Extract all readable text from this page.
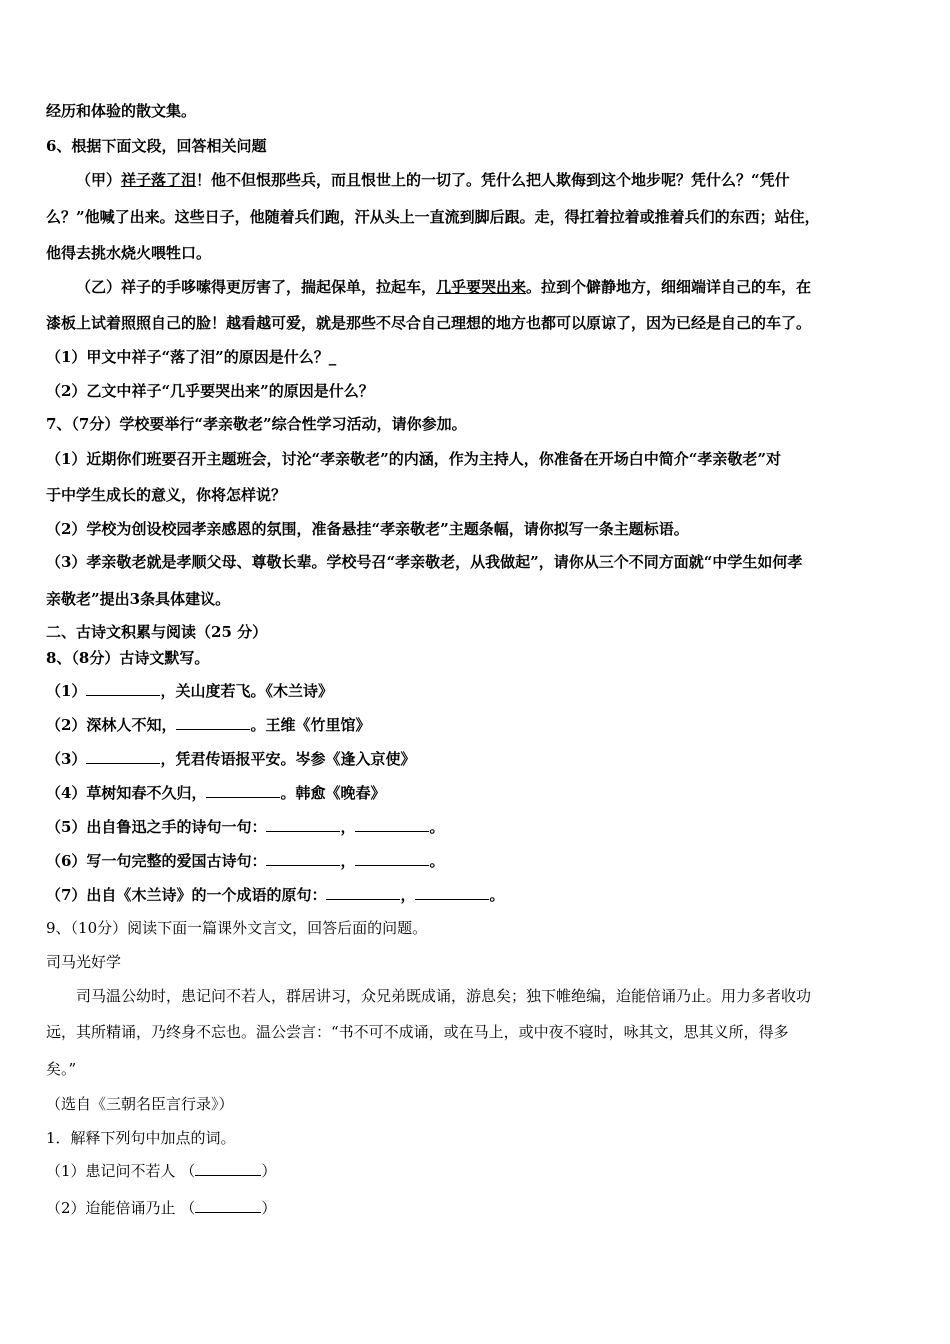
经历和体验的散文集。
6、根据下面文段，回答相关问题
（甲）祥子落了泪！他不但恨那些兵，而且恨世上的一切了。凭什么把人欺侮到这个地步呢？凭什么？“凭什
么？”他喊了出来。这些日子，他随着兵们跑，汗从头上一直流到脚后跟。走，得扛着拉着或推着兵们的东西；站住，
他得去挑水烧火喂牲口。
（乙）祥子的手哆嗦得更厉害了，揣起保单，拉起车，几乎要哭出来。拉到个僻静地方，细细端详自己的车，在
漆板上试着照照自己的脸！越看越可爱，就是那些不尽合自己理想的地方也都可以原谅了，因为已经是自己的车了。
（1）甲文中祥子“落了泪”的原因是什么？_
（2）乙文中祥子“几乎要哭出来”的原因是什么？
7、（7分）学校要举行“孝亲敬老”综合性学习活动，请你参加。
（1）近期你们班要召开主题班会，讨沦“孝亲敬老”的内涵，作为主持人，你准备在开场白中简介“孝亲敬老”对
于中学生成长的意义，你将怎样说？
（2）学校为创设校园孝亲感恩的氛围，准备悬挂“孝亲敬老”主题条幅，请你拟写一条主题标语。
（3）孝亲敬老就是孝顺父母、尊敬长辈。学校号召“孝亲敬老，从我做起”，请你从三个不同方面就“中学生如何孝
亲敬老”提出3条具体建议。
二、古诗文积累与阅读（25 分）
8、（8分）古诗文默写。
（1）	，关山度若飞。《木兰诗》
（2）深林人不知，	。王维《竹里馆》
（3）	，凭君传语报平安。岑参《逢入京使》
（4）草树知春不久归，	。韩愈《晚春》
（5）出自鲁迅之手的诗句一句：	，	。
（6）写一句完整的爱国古诗句：	，	。
（7）出自《木兰诗》的一个成语的原句：	，	。
9、（10分）阅读下面一篇课外文言文，回答后面的问题。
司马光好学
司马温公幼时，患记问不若人，群居讲习，众兄弟既成诵，游息矣；独下帷绝编，迨能倍诵乃止。用力多者收功
远，其所精诵，乃终身不忘也。温公尝言：“书不可不成诵，或在马上，或中夜不寝时，咏其文，思其义所，得多
矣。”
（选自《三朝名臣言行录》）
1．解释下列句中加点的词。
（1）患记问不若人 （	）
（2）迨能倍诵乃止 （	）
